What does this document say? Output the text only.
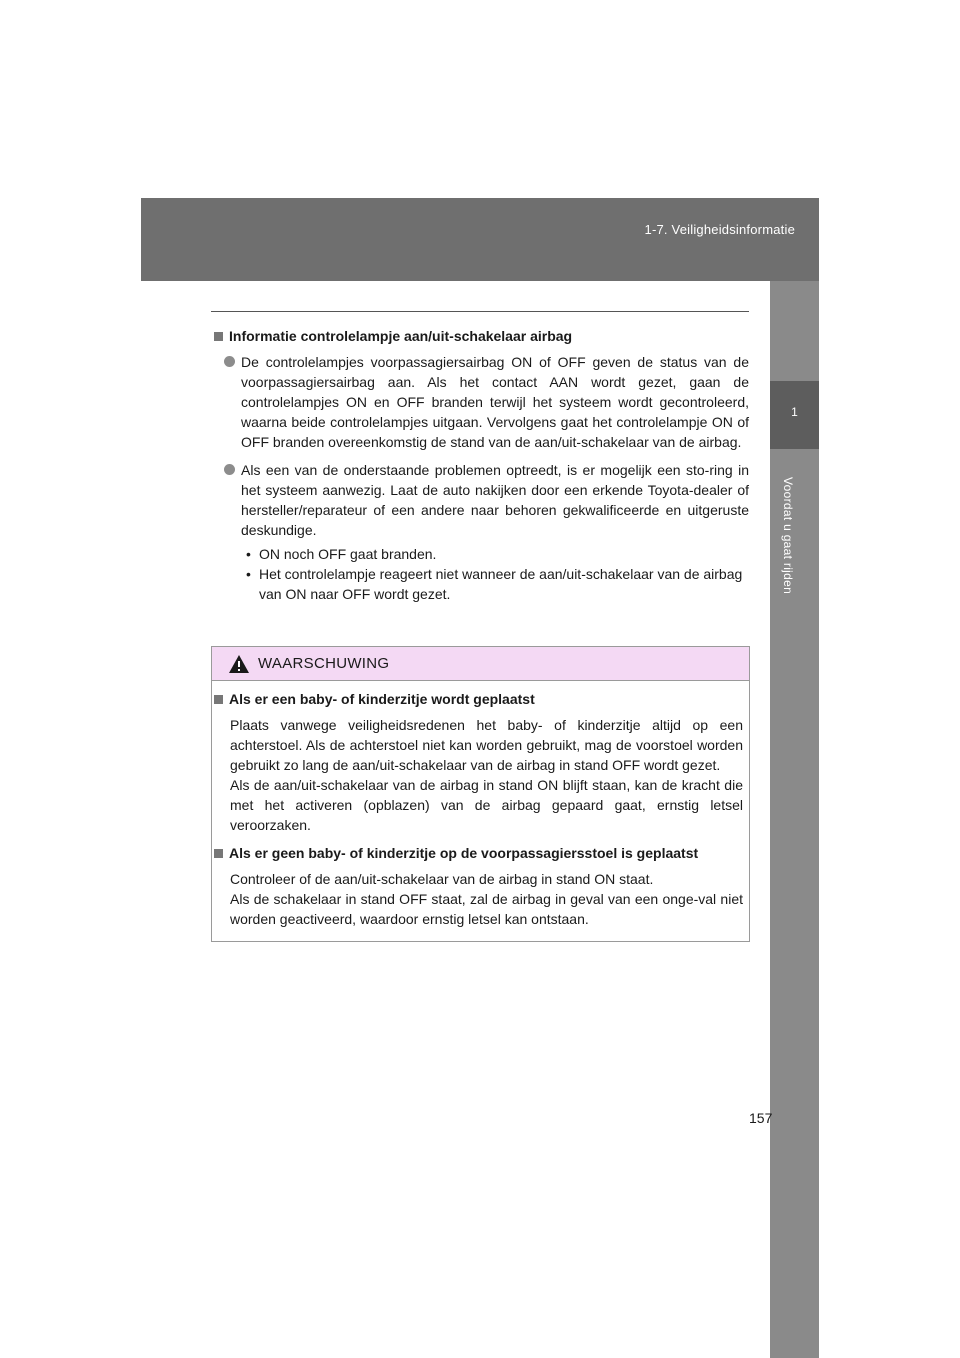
1-7. Veiligheidsinformatie
1
Voordat u gaat rijden
Informatie controlelampje aan/uit-schakelaar airbag
De controlelampjes voorpassagiersairbag ON of OFF geven de status van de voorpassagiersairbag aan. Als het contact AAN wordt gezet, gaan de controlelampjes ON en OFF branden terwijl het systeem wordt gecontroleerd, waarna beide controlelampjes uitgaan. Vervolgens gaat het controlelampje ON of OFF branden overeenkomstig de stand van de aan/uit-schakelaar van de airbag.
Als een van de onderstaande problemen optreedt, is er mogelijk een sto-ring in het systeem aanwezig. Laat de auto nakijken door een erkende Toyota-dealer of hersteller/reparateur of een andere naar behoren gekwalificeerde en uitgeruste deskundige.
• ON noch OFF gaat branden.
• Het controlelampje reageert niet wanneer de aan/uit-schakelaar van de airbag van ON naar OFF wordt gezet.
WAARSCHUWING
Als er een baby- of kinderzitje wordt geplaatst
Plaats vanwege veiligheidsredenen het baby- of kinderzitje altijd op een achterstoel. Als de achterstoel niet kan worden gebruikt, mag de voorstoel worden gebruikt zo lang de aan/uit-schakelaar van de airbag in stand OFF wordt gezet.
Als de aan/uit-schakelaar van de airbag in stand ON blijft staan, kan de kracht die met het activeren (opblazen) van de airbag gepaard gaat, ernstig letsel veroorzaken.
Als er geen baby- of kinderzitje op de voorpassagiersstoel is geplaatst
Controleer of de aan/uit-schakelaar van de airbag in stand ON staat.
Als de schakelaar in stand OFF staat, zal de airbag in geval van een onge-val niet worden geactiveerd, waardoor ernstig letsel kan ontstaan.
157
